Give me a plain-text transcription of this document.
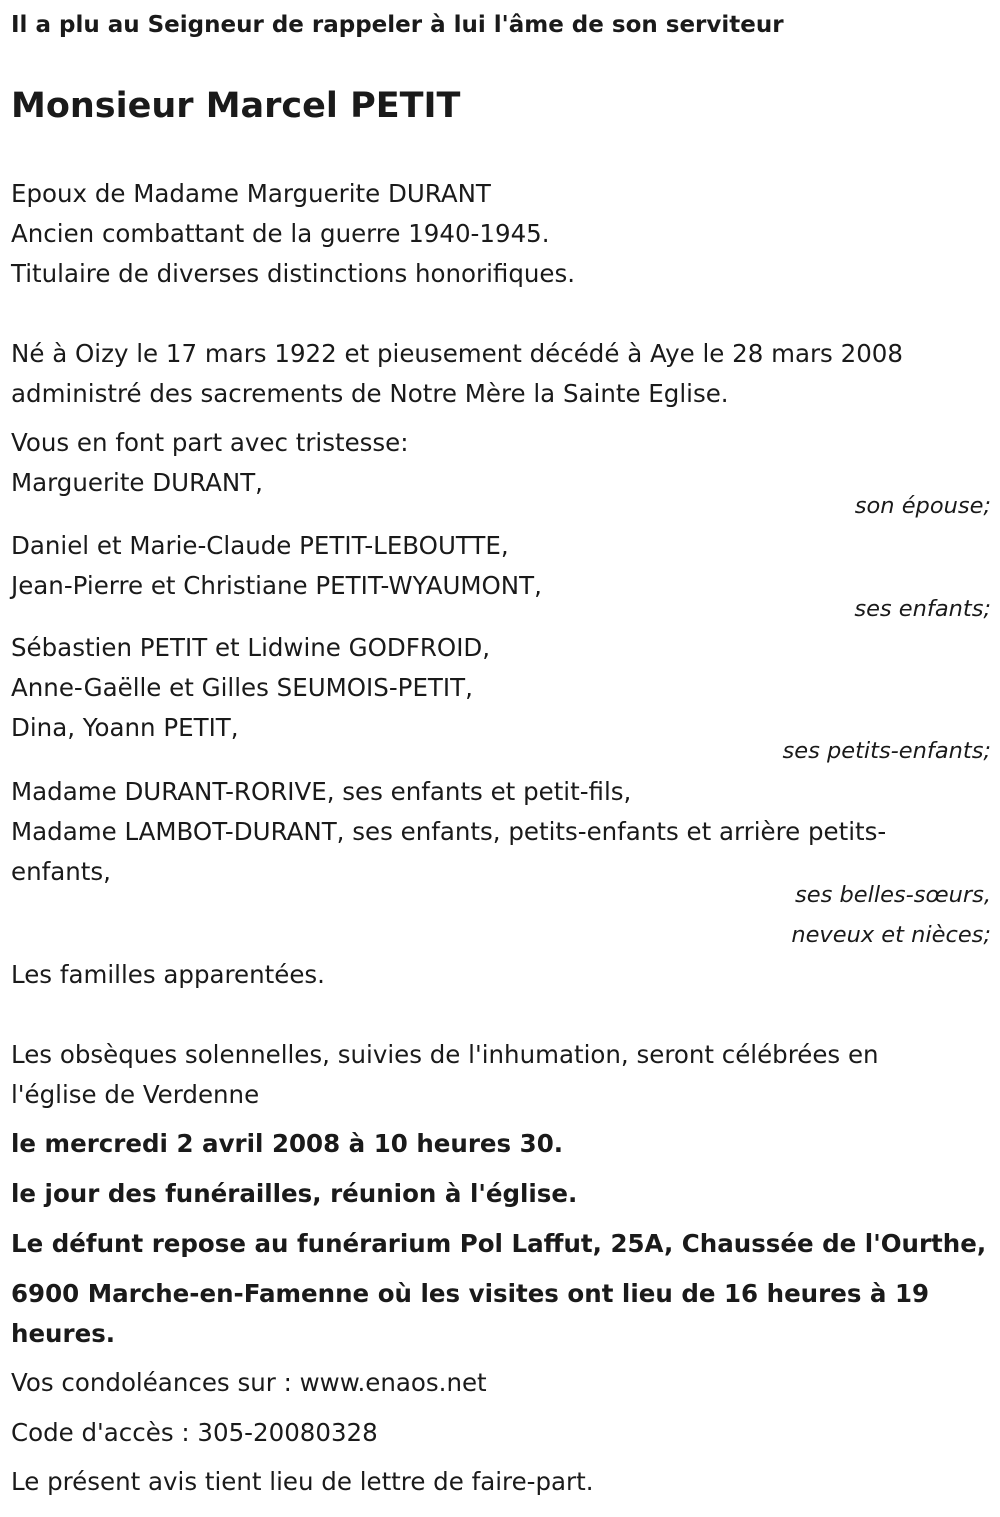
Il a plu au Seigneur de rappeler à lui l'âme de son serviteur
Monsieur Marcel PETIT
Epoux de Madame Marguerite DURANT
Ancien combattant de la guerre 1940-1945.
Titulaire de diverses distinctions honorifiques.
Né à Oizy le 17 mars 1922 et pieusement décédé à Aye le 28 mars 2008
administré des sacrements de Notre Mère la Sainte Eglise.
Vous en font part avec tristesse:
Marguerite DURANT,
son épouse;
Daniel et Marie-Claude PETIT-LEBOUTTE,
Jean-Pierre et Christiane PETIT-WYAUMONT,
ses enfants;
Sébastien PETIT et Lidwine GODFROID,
Anne-Gaëlle et Gilles SEUMOIS-PETIT,
Dina, Yoann PETIT,
ses petits-enfants;
Madame DURANT-RORIVE, ses enfants et petit-fils,
Madame LAMBOT-DURANT, ses enfants, petits-enfants et arrière petits-
enfants,
ses belles-sœurs,
neveux et nièces;
Les familles apparentées.
Les obsèques solennelles, suivies de l'inhumation, seront célébrées en
l'église de Verdenne
le mercredi 2 avril 2008 à 10 heures 30.
le jour des funérailles, réunion à l'église.
Le défunt repose au funérarium Pol Laffut, 25A, Chaussée de l'Ourthe,
6900 Marche-en-Famenne où les visites ont lieu de 16 heures à 19
heures.
Vos condoléances sur : www.enaos.net
Code d'accès : 305-20080328
Le présent avis tient lieu de lettre de faire-part.
